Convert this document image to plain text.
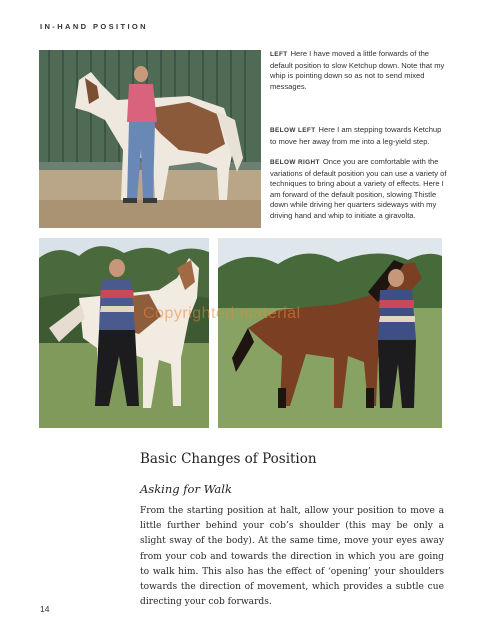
IN-HAND POSITION

LEFT Here I have moved a little forwards of the default position to slow Ketchup down. Note that my whip is pointing down so as not to send mixed messages.

BELOW LEFT Here I am stepping towards Ketchup to move her away from me into a leg-yield step.

BELOW RIGHT Once you are comfortable with the variations of default position you can use a variety of techniques to bring about a variety of effects. Here I am forward of the default position, slowing Thistle down while driving her quarters sideways with my driving hand and whip to initiate a giravolta.

Copyrighted material
Basic Changes of Position
Asking for Walk
From the starting position at halt, allow your position to move a little further behind your cob’s shoulder (this may be only a slight sway of the body). At the same time, move your eyes away from your cob and towards the direction in which you are going to walk him. This also has the effect of ‘opening’ your shoulders towards the direction of movement, which provides a subtle cue directing your cob forwards.
14
